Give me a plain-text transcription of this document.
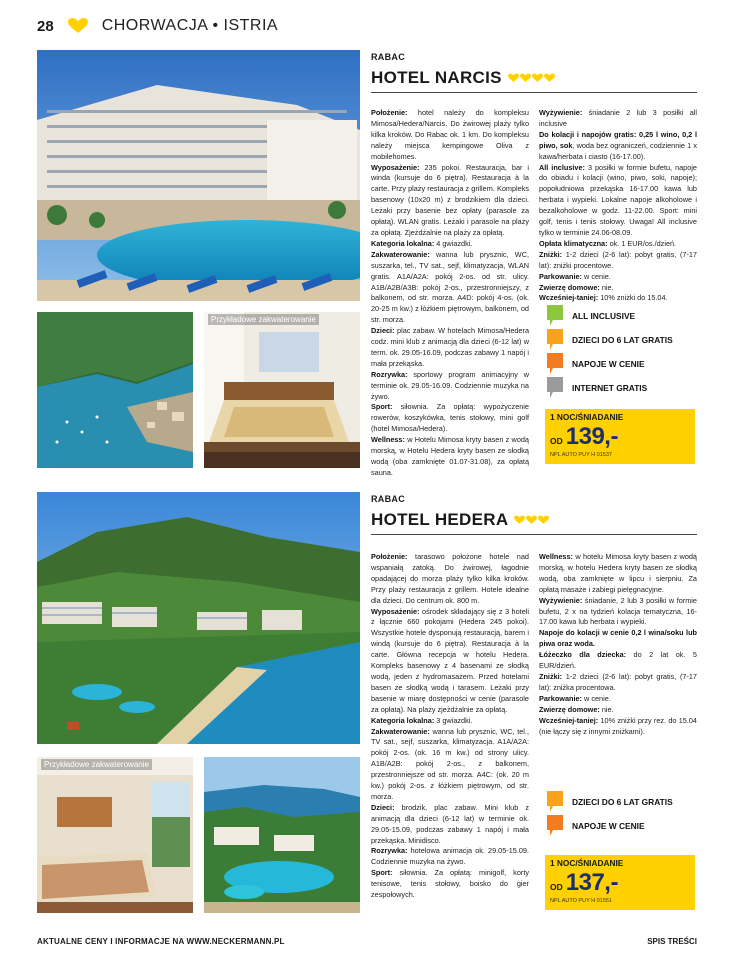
28	CHORWACJA • ISTRIA
Przykładowe zakwaterowanie
RABAC
HOTEL NARCIS

Położenie: hotel należy do kompleksu Mimosa/Hedera/Narcis. Do żwirowej plaży tylko kilka kroków. Do Rabac ok. 1 km. Do kompleksu należy miejsca kempingowe Oliva z mobilehomes.

Wyposażenie: 235 pokoi. Restauracja, bar i winda (kursuje do 6 piętra). Restauracja à la carte. Przy plaży restauracja z grillem. Kompleks basenowy (10x20 m) z brodzikiem dla dzieci. Leżaki przy basenie bez opłaty (parasole za opłatą). WLAN gratis. Leżaki i parasole na plaży za opłatą. Zjeżdżalnie na plaży za opłatą.

Kategoria lokalna: 4 gwiazdki.

Zakwaterowanie: wanna lub prysznic, WC, suszarka, tel., TV sat., sejf, klimatyzacja, WLAN gratis. A1A/A2A: pokój 2-os. od str. ulicy. A1B/A2B/A3B: pokój 2-os., przestronniejszy, z balkonem, od str. morza. A4D: pokój 4-os. (ok. 20-25 m kw.) z łóżkiem piętrowym, balkonem, od str. morza.

Dzieci: plac zabaw. W hotelach Mimosa/Hedera codz. mini klub z animacją dla dzieci (6-12 lat) w term. ok. 29.05-16.09, podczas zabawy 1 napój i mała przekąska.

Rozrywka: sportowy program animacyjny w terminie ok. 29.05-16.09. Codziennie muzyka na żywo.

Sport: siłownia. Za opłatą: wypożyczenie rowerów, koszykówka, tenis stołowy, mini golf (hotel Mimosa/Hedera).

Wellness: w Hotelu Mimosa kryty basen z wodą morską, w Hotelu Hedera kryty basen ze słodką wodą (oba zamknięte 01.07-31.08), za opłatą sauna.

Wyżywienie: śniadanie 2 lub 3 posiłki all inclusive

Do kolacji i napojów gratis: 0,25 l wino, 0,2 l piwo, sok, woda bez ograniczeń, codziennie 1 x kawa/herbata i ciasto (16-17.00).

All inclusive: 3 posiłki w formie bufetu, napoje do obiadu i kolacji (wino, piwo, soki, napoje); popołudniowa przekąska 16-17.00 kawa lub herbata i wypieki. Lokalne napoje alkoholowe i bezalkoholowe w godz. 11-22.00. Sport: mini golf, tenis i tenis stołowy. Uwaga! All inclusive tylko w terminie 24.06-08.09.

Opłata klimatyczna: ok. 1 EUR/os./dzień.

Zniżki: 1-2 dzieci (2-6 lat): pobyt gratis, (7-17 lat): zniżki procentowe.

Parkowanie: w cenie.

Zwierzę domowe: nie.

Wcześniej-taniej: 10% zniżki do 15.04.

ALL INCLUSIVE
DZIECI DO 6 LAT GRATIS
NAPOJE W CENIE
INTERNET GRATIS
1 NOC/ŚNIADANIE
OD 139,-
NPL AUTO PUY H 01537
Przykładowe zakwaterowanie
RABAC
HOTEL HEDERA

Położenie: tarasowo położone hotele nad wspaniałą zatoką. Do żwirowej, łagodnie opadającej do morza plaży tylko kilka kroków. Przy plaży restauracja z grillem. Hotele idealne dla dzieci. Do centrum ok. 800 m.

Wyposażenie: ośrodek składający się z 3 hoteli z łącznie 660 pokojami (Hedera 245 pokoi). Wszystkie hotele dysponują restauracją, barem i windą (kursuje do 6 piętra). Restauracja à la carte. Główna recepcja w hotelu Hedera. Kompleks basenowy z 4 basenami ze słodką wodą, jeden z hydromasażem. Przed hotelami basen ze słodką wodą i tarasem. Leżaki przy basenie w miarę dostępności w cenie (parasole za opłatą). Na plaży zjeżdżalnie za opłatą.

Kategoria lokalna: 3 gwiazdki.

Zakwaterowanie: wanna lub prysznic, WC, tel., TV sat., sejf, suszarka, klimatyzacja. A1A/A2A: pokój 2-os. (ok. 16 m kw.) od strony ulicy. A1B/A2B: pokój 2-os., z balkonem, przestronniejsze od str. morza. A4C: (ok. 20 m kw.) pokój 2-os. z łóżkiem piętrowym, od str. morza.

Dzieci: brodzik, plac zabaw. Mini klub z animacją dla dzieci (6-12 lat) w terminie ok. 29.05-15.09, podczas zabawy 1 napój i mała przekąska. Minidisco.

Rozrywka: hotelowa animacja ok. 29.05-15.09. Codziennie muzyka na żywo.

Sport: siłownia. Za opłatą: minigolf, korty tenisowe, tenis stołowy, boisko do gier zespołowych.

Wellness: w hotelu Mimosa kryty basen z wodą morską, w hotelu Hedera kryty basen ze słodką wodą, oba zamknięte w lipcu i sierpniu. Za opłatą masaże i zabiegi pielęgnacyjne.

Wyżywienie: śniadanie, 2 lub 3 posiłki w formie bufetu, 2 x na tydzień kolacja tematyczna, 16-17.00 kawa lub herbata i wypieki.

Napoje do kolacji w cenie 0,2 l wina/soku lub piwa oraz woda.

Łóżeczko dla dziecka: do 2 lat ok. 5 EUR/dzień.

Zniżki: 1-2 dzieci (2-6 lat): pobyt gratis, (7-17 lat): zniżka procentowa.

Parkowanie: w cenie.

Zwierzę domowe: nie.

Wcześniej-taniej: 10% zniżki przy rez. do 15.04 (nie łączy się z innymi zniżkami).

DZIECI DO 6 LAT GRATIS
NAPOJE W CENIE
1 NOC/ŚNIADANIE
OD 137,-
NPL AUTO PUY H 01551
AKTUALNE CENY I INFORMACJE NA WWW.NECKERMANN.PL	SPIS TREŚCI
